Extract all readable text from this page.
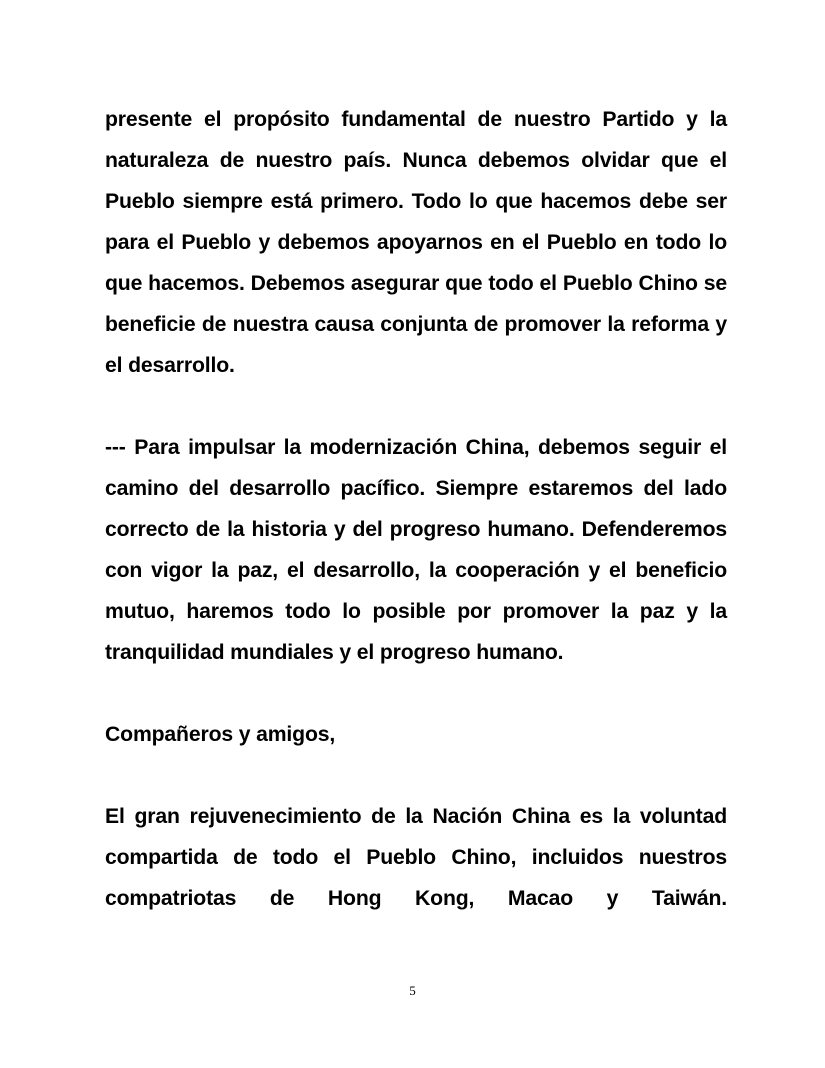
presente el propósito fundamental de nuestro Partido y la naturaleza de nuestro país. Nunca debemos olvidar que el Pueblo siempre está primero. Todo lo que hacemos debe ser para el Pueblo y debemos apoyarnos en el Pueblo en todo lo que hacemos. Debemos asegurar que todo el Pueblo Chino se beneficie de nuestra causa conjunta de promover la reforma y el desarrollo.

--- Para impulsar la modernización China, debemos seguir el camino del desarrollo pacífico. Siempre estaremos del lado correcto de la historia y del progreso humano. Defenderemos con vigor la paz, el desarrollo, la cooperación y el beneficio mutuo, haremos todo lo posible por promover la paz y la tranquilidad mundiales y el progreso humano.

Compañeros y amigos,

El gran rejuvenecimiento de la Nación China es la voluntad compartida de todo el Pueblo Chino, incluidos nuestros compatriotas de Hong Kong, Macao y Taiwán.

5
